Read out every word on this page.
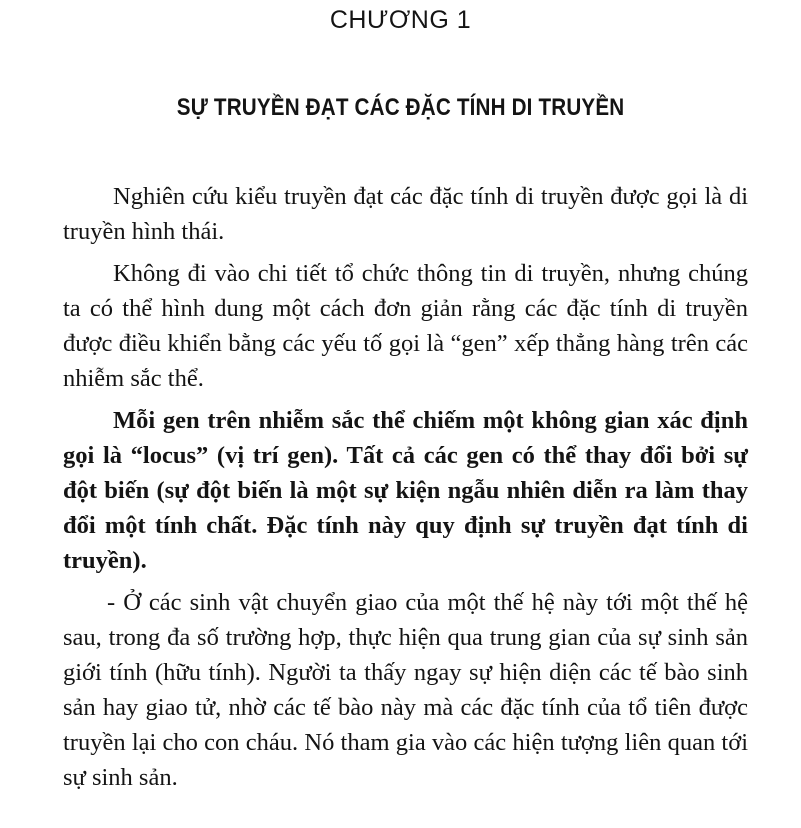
CHƯƠNG 1
SỰ TRUYỀN ĐẠT CÁC ĐẶC TÍNH DI TRUYỀN

Nghiên cứu kiểu truyền đạt các đặc tính di truyền được gọi là di truyền hình thái.

Không đi vào chi tiết tổ chức thông tin di truyền, nhưng chúng ta có thể hình dung một cách đơn giản rằng các đặc tính di truyền được điều khiển bằng các yếu tố gọi là “gen” xếp thẳng hàng trên các nhiễm sắc thể.

Mỗi gen trên nhiễm sắc thể chiếm một không gian xác định gọi là “locus” (vị trí gen). Tất cả các gen có thể thay đổi bởi sự đột biến (sự đột biến là một sự kiện ngẫu nhiên diễn ra làm thay đổi một tính chất. Đặc tính này quy định sự truyền đạt tính di truyền).

- Ở các sinh vật chuyển giao của một thế hệ này tới một thế hệ sau, trong đa số trường hợp, thực hiện qua trung gian của sự sinh sản giới tính (hữu tính). Người ta thấy ngay sự hiện diện các tế bào sinh sản hay giao tử, nhờ các tế bào này mà các đặc tính của tổ tiên được truyền lại cho con cháu. Nó tham gia vào các hiện tượng liên quan tới sự sinh sản.
